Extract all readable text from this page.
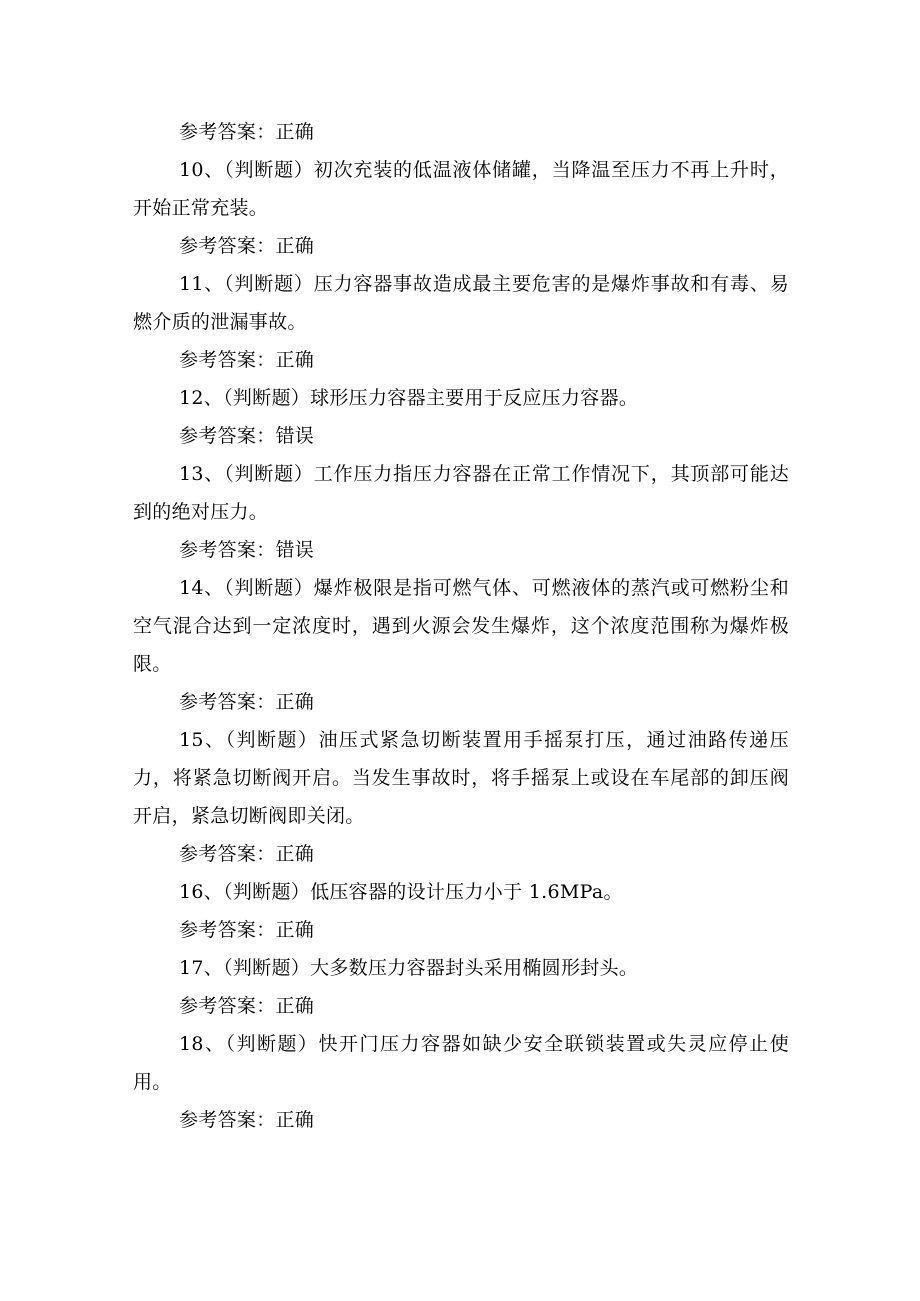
参考答案：正确

10、（判断题）初次充装的低温液体储罐，当降温至压力不再上升时，开始正常充装。

参考答案：正确

11、（判断题）压力容器事故造成最主要危害的是爆炸事故和有毒、易燃介质的泄漏事故。

参考答案：正确

12、（判断题）球形压力容器主要用于反应压力容器。

参考答案：错误

13、（判断题）工作压力指压力容器在正常工作情况下，其顶部可能达到的绝对压力。

参考答案：错误

14、（判断题）爆炸极限是指可燃气体、可燃液体的蒸汽或可燃粉尘和空气混合达到一定浓度时，遇到火源会发生爆炸，这个浓度范围称为爆炸极限。

参考答案：正确

15、（判断题）油压式紧急切断装置用手摇泵打压，通过油路传递压力，将紧急切断阀开启。当发生事故时，将手摇泵上或设在车尾部的卸压阀开启，紧急切断阀即关闭。

参考答案：正确

16、（判断题）低压容器的设计压力小于 1.6MPa。

参考答案：正确

17、（判断题）大多数压力容器封头采用椭圆形封头。

参考答案：正确

18、（判断题）快开门压力容器如缺少安全联锁装置或失灵应停止使用。

参考答案：正确
